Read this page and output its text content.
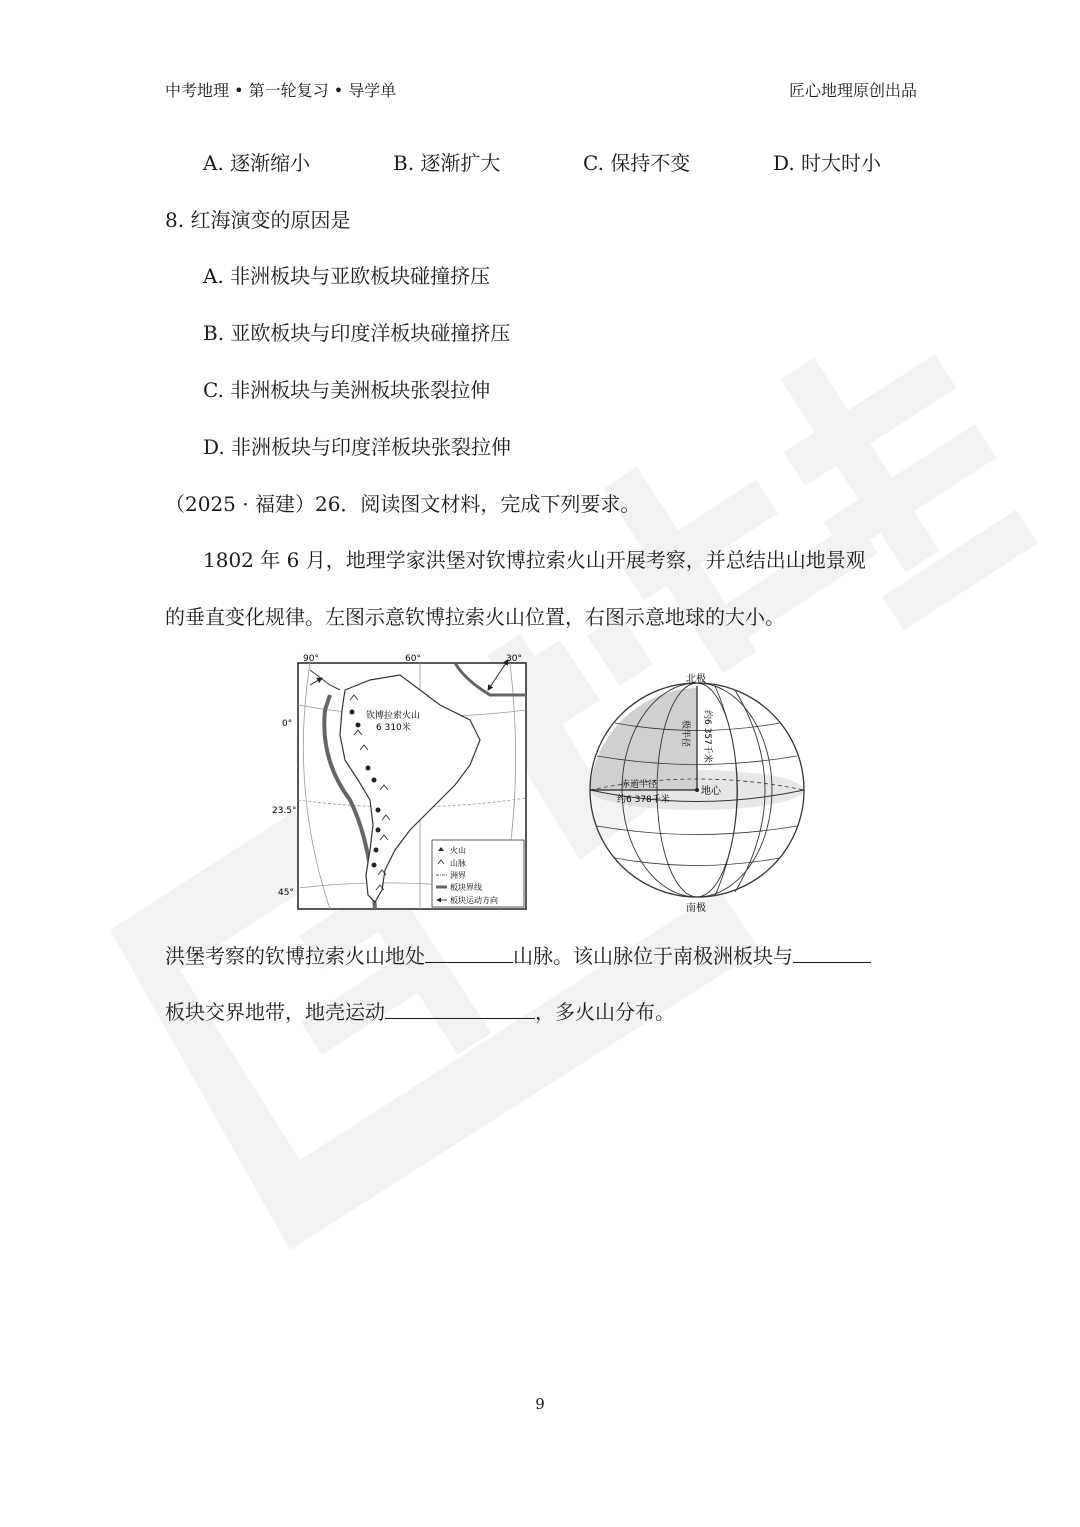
中考地理 • 第一轮复习 • 导学单	匠心地理原创出品
A. 逐渐缩小	B. 逐渐扩大	C. 保持不变	D. 时大时小
8. 红海演变的原因是
A. 非洲板块与亚欧板块碰撞挤压
B. 亚欧板块与印度洋板块碰撞挤压
C. 非洲板块与美洲板块张裂拉伸
D. 非洲板块与印度洋板块张裂拉伸
（2025 · 福建）26．阅读图文材料，完成下列要求。
1802 年 6 月，地理学家洪堡对钦博拉索火山开展考察，并总结出山地景观
的垂直变化规律。左图示意钦博拉索火山位置，右图示意地球的大小。
90°	60°	30°
0°
23.5°
45°
钦博拉索火山
6 310米
火山
山脉
洲界
板块界线
板块运动方向
北极
南极
地心
赤道半径
约6 378千米
极半径 约6 357千米
洪堡考察的钦博拉索火山地处	山脉。该山脉位于南极洲板块与
板块交界地带，地壳运动	，多火山分布。
9
